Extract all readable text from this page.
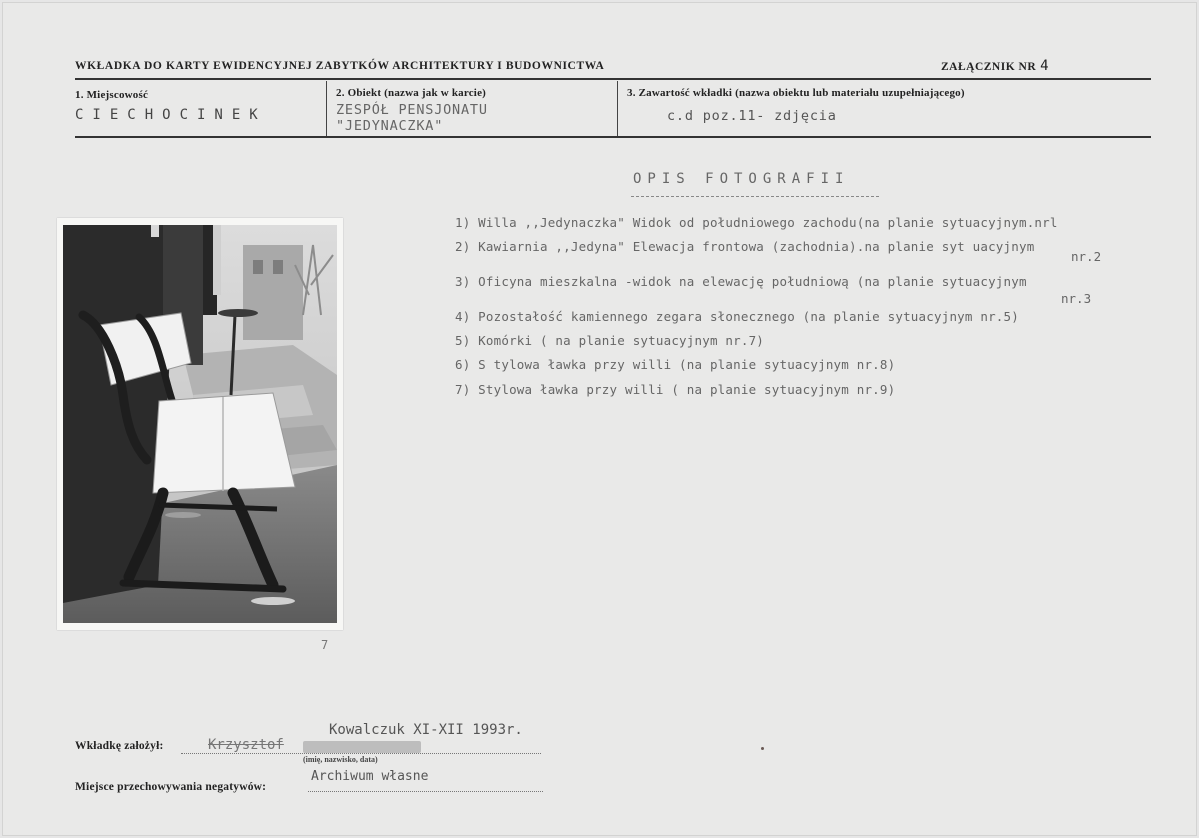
WKŁADKA DO KARTY EWIDENCYJNEJ ZABYTKÓW ARCHITEKTURY I BUDOWNICTWA	ZAŁĄCZNIK NR 4
1. Miejscowość
CIECHOCINEK
2. Obiekt (nazwa jak w karcie)
ZESPÓŁ PENSJONATU
"JEDYNACZKA"
3. Zawartość wkładki (nazwa obiektu lub materiału uzupełniającego)
c.d poz.11- zdjęcia
OPIS FOTOGRAFII
1) Willa ,,Jedynaczka" Widok od południowego zachodu(na planie sytuacyjnym.nrl
2) Kawiarnia ,,Jedyna" Elewacja frontowa (zachodnia).na planie syt uacyjnym
3) Oficyna mieszkalna -widok na elewację południową (na planie sytuacyjnym
4) Pozostałość kamiennego zegara słonecznego (na planie sytuacyjnym nr.5)
5) Komórki ( na planie sytuacyjnym nr.7)
6) S tylowa ławka przy willi (na planie sytuacyjnym nr.8)
7) Stylowa ławka przy willi ( na planie sytuacyjnym nr.9)
nr.2
nr.3
7
Wkładkę założył:	Krzysztof
Kowalczuk XI-XII 1993r.
(imię, nazwisko, data)
Miejsce przechowywania negatywów:
Archiwum własne
